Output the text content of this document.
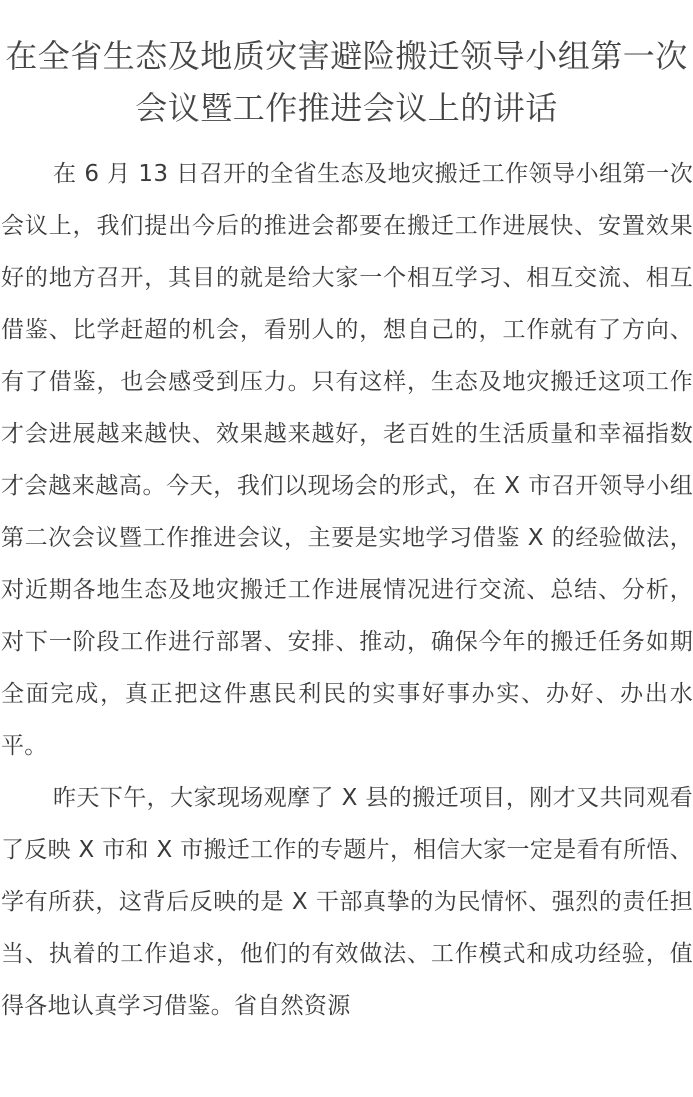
在全省生态及地质灾害避险搬迁领导小组第一次会议暨工作推进会议上的讲话

在 6 月 13 日召开的全省生态及地灾搬迁工作领导小组第一次会议上，我们提出今后的推进会都要在搬迁工作进展快、安置效果好的地方召开，其目的就是给大家一个相互学习、相互交流、相互借鉴、比学赶超的机会，看别人的，想自己的，工作就有了方向、有了借鉴，也会感受到压力。只有这样，生态及地灾搬迁这项工作才会进展越来越快、效果越来越好，老百姓的生活质量和幸福指数才会越来越高。今天，我们以现场会的形式，在 X 市召开领导小组第二次会议暨工作推进会议，主要是实地学习借鉴 X 的经验做法，对近期各地生态及地灾搬迁工作进展情况进行交流、总结、分析，对下一阶段工作进行部署、安排、推动，确保今年的搬迁任务如期全面完成，真正把这件惠民利民的实事好事办实、办好、办出水平。

昨天下午，大家现场观摩了 X 县的搬迁项目，刚才又共同观看了反映 X 市和 X 市搬迁工作的专题片，相信大家一定是看有所悟、学有所获，这背后反映的是 X 干部真挚的为民情怀、强烈的责任担当、执着的工作追求，他们的有效做法、工作模式和成功经验，值得各地认真学习借鉴。省自然资源
